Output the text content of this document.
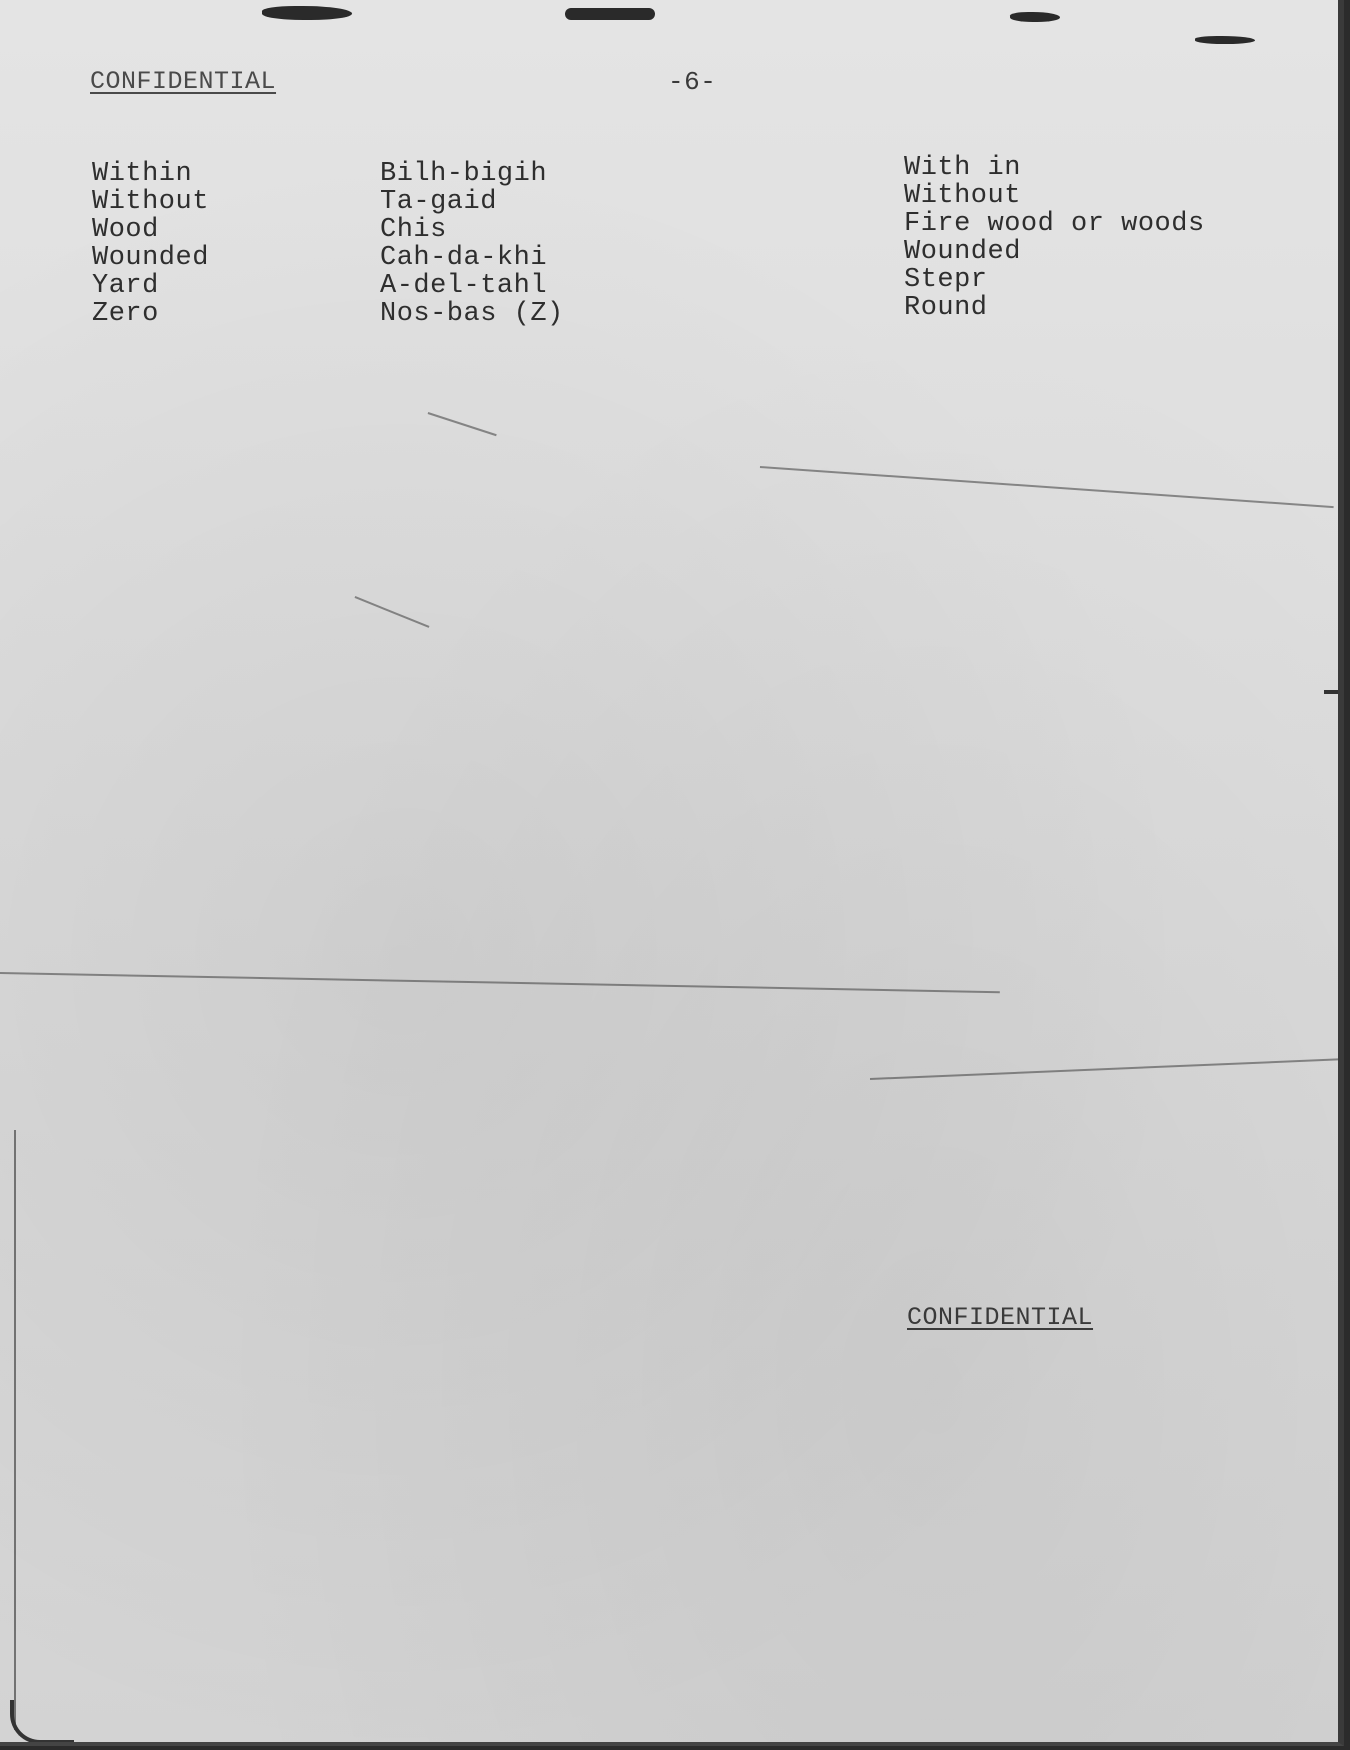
CONFIDENTIAL	-6-
Within
Without
Wood
Wounded
Yard
Zero
Bilh-bigih
Ta-gaid
Chis
Cah-da-khi
A-del-tahl
Nos-bas (Z)
With in
Without
Fire wood or woods
Wounded
Stepr
Round
CONFIDENTIAL
